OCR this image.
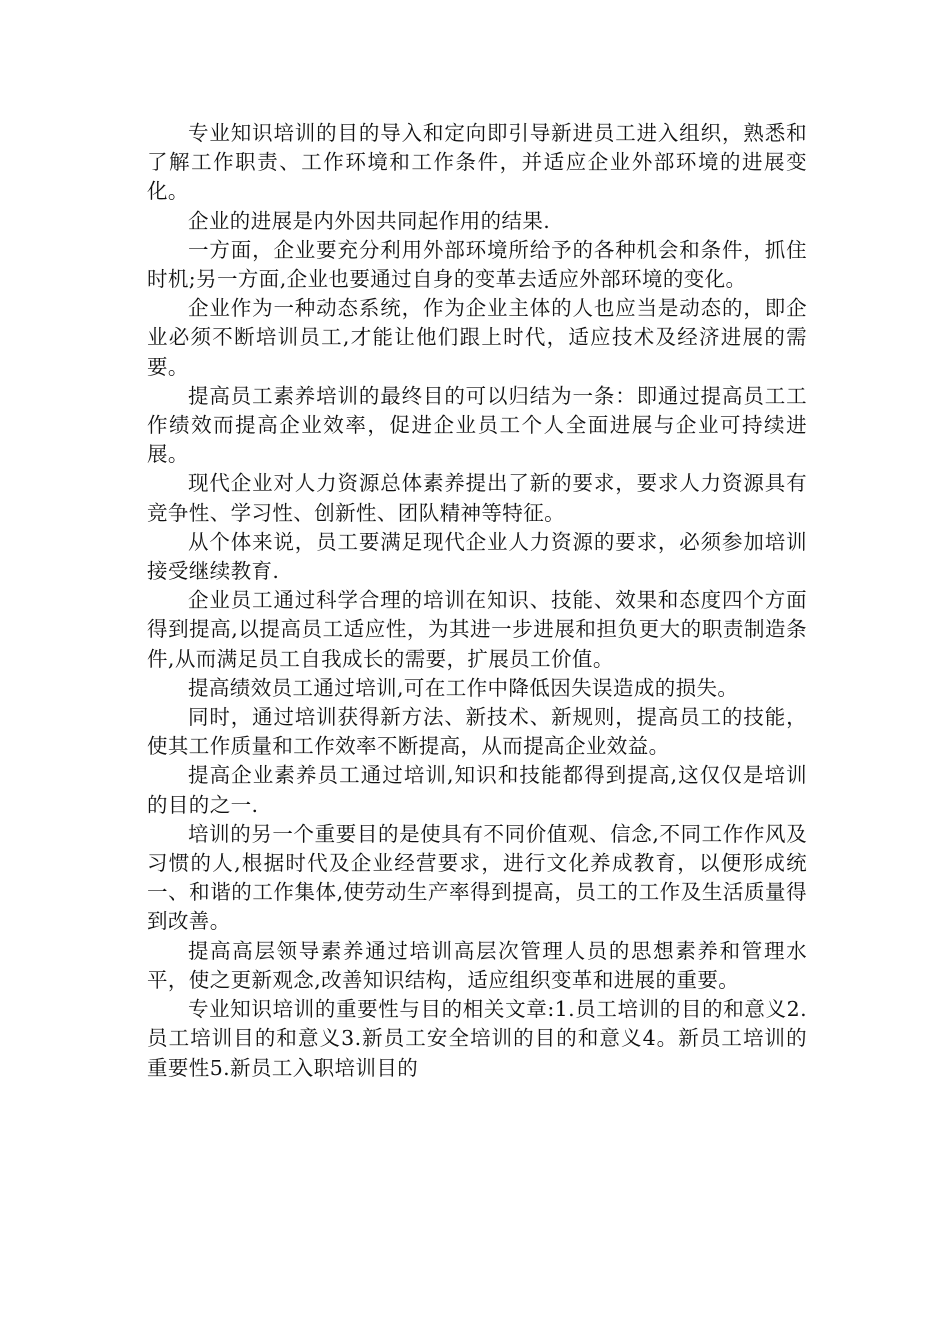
专业知识培训的目的导入和定向即引导新进员工进入组织，熟悉和了解工作职责、工作环境和工作条件，并适应企业外部环境的进展变化。

企业的进展是内外因共同起作用的结果.

一方面，企业要充分利用外部环境所给予的各种机会和条件，抓住时机;另一方面,企业也要通过自身的变革去适应外部环境的变化。

企业作为一种动态系统，作为企业主体的人也应当是动态的，即企业必须不断培训员工,才能让他们跟上时代，适应技术及经济进展的需要。

提高员工素养培训的最终目的可以归结为一条：即通过提高员工工作绩效而提高企业效率，促进企业员工个人全面进展与企业可持续进展。

现代企业对人力资源总体素养提出了新的要求，要求人力资源具有竞争性、学习性、创新性、团队精神等特征。

从个体来说，员工要满足现代企业人力资源的要求，必须参加培训接受继续教育.

企业员工通过科学合理的培训在知识、技能、效果和态度四个方面得到提高,以提高员工适应性，为其进一步进展和担负更大的职责制造条件,从而满足员工自我成长的需要，扩展员工价值。

提高绩效员工通过培训,可在工作中降低因失误造成的损失。

同时，通过培训获得新方法、新技术、新规则，提高员工的技能，使其工作质量和工作效率不断提高，从而提高企业效益。

提高企业素养员工通过培训,知识和技能都得到提高,这仅仅是培训的目的之一.

培训的另一个重要目的是使具有不同价值观、信念,不同工作作风及习惯的人,根据时代及企业经营要求，进行文化养成教育，以便形成统一、和谐的工作集体,使劳动生产率得到提高，员工的工作及生活质量得到改善。

提高高层领导素养通过培训高层次管理人员的思想素养和管理水平，使之更新观念,改善知识结构，适应组织变革和进展的重要。

专业知识培训的重要性与目的相关文章:1.员工培训的目的和意义2.员工培训目的和意义3.新员工安全培训的目的和意义4。新员工培训的重要性5.新员工入职培训目的
